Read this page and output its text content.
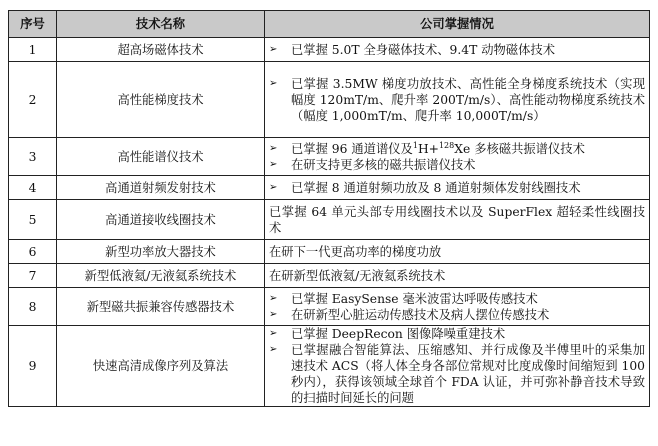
序号	技术名称	公司掌握情况
1	超高场磁体技术	➢ 已掌握 5.0T 全身磁体技术、9.4T 动物磁体技术

2	高性能梯度技术	➢ 已掌握 3.5MW 梯度功放技术、高性能全身梯度系统技术（实现幅度 120mT/m、爬升率 200T/m/s）、高性能动物梯度系统技术（幅度 1,000mT/m、爬升率 10,000T/m/s）

3	高性能谱仪技术	➢ 已掌握 96 通道谱仪及$^1$H+$^{128}$Xe 多核磁共振谱仪技术
➢ 在研支持更多核的磁共振谱仪技术

4	高通道射频发射技术	➢ 已掌握 8 通道射频功放及 8 通道射频体发射线圈技术

5	高通道接收线圈技术	已掌握 64 单元头部专用线圈技术以及 SuperFlex 超轻柔性线圈技术
6	新型功率放大器技术	在研下一代更高功率的梯度功放
7	新型低液氦/无液氦系统技术	在研新型低液氦/无液氦系统技术
8	新型磁共振兼容传感器技术	➢ 已掌握 EasySense 毫米波雷达呼吸传感技术
➢ 在研新型心脏运动传感技术及病人摆位传感技术

9	快速高清成像序列及算法	➢ 已掌握 DeepRecon 图像降噪重建技术
➢ 已掌握融合智能算法、压缩感知、并行成像及半傅里叶的采集加速技术 ACS（将人体全身各部位常规对比度成像时间缩短到 100 秒内），获得该领域全球首个 FDA 认证，并可弥补静音技术导致的扫描时间延长的问题
